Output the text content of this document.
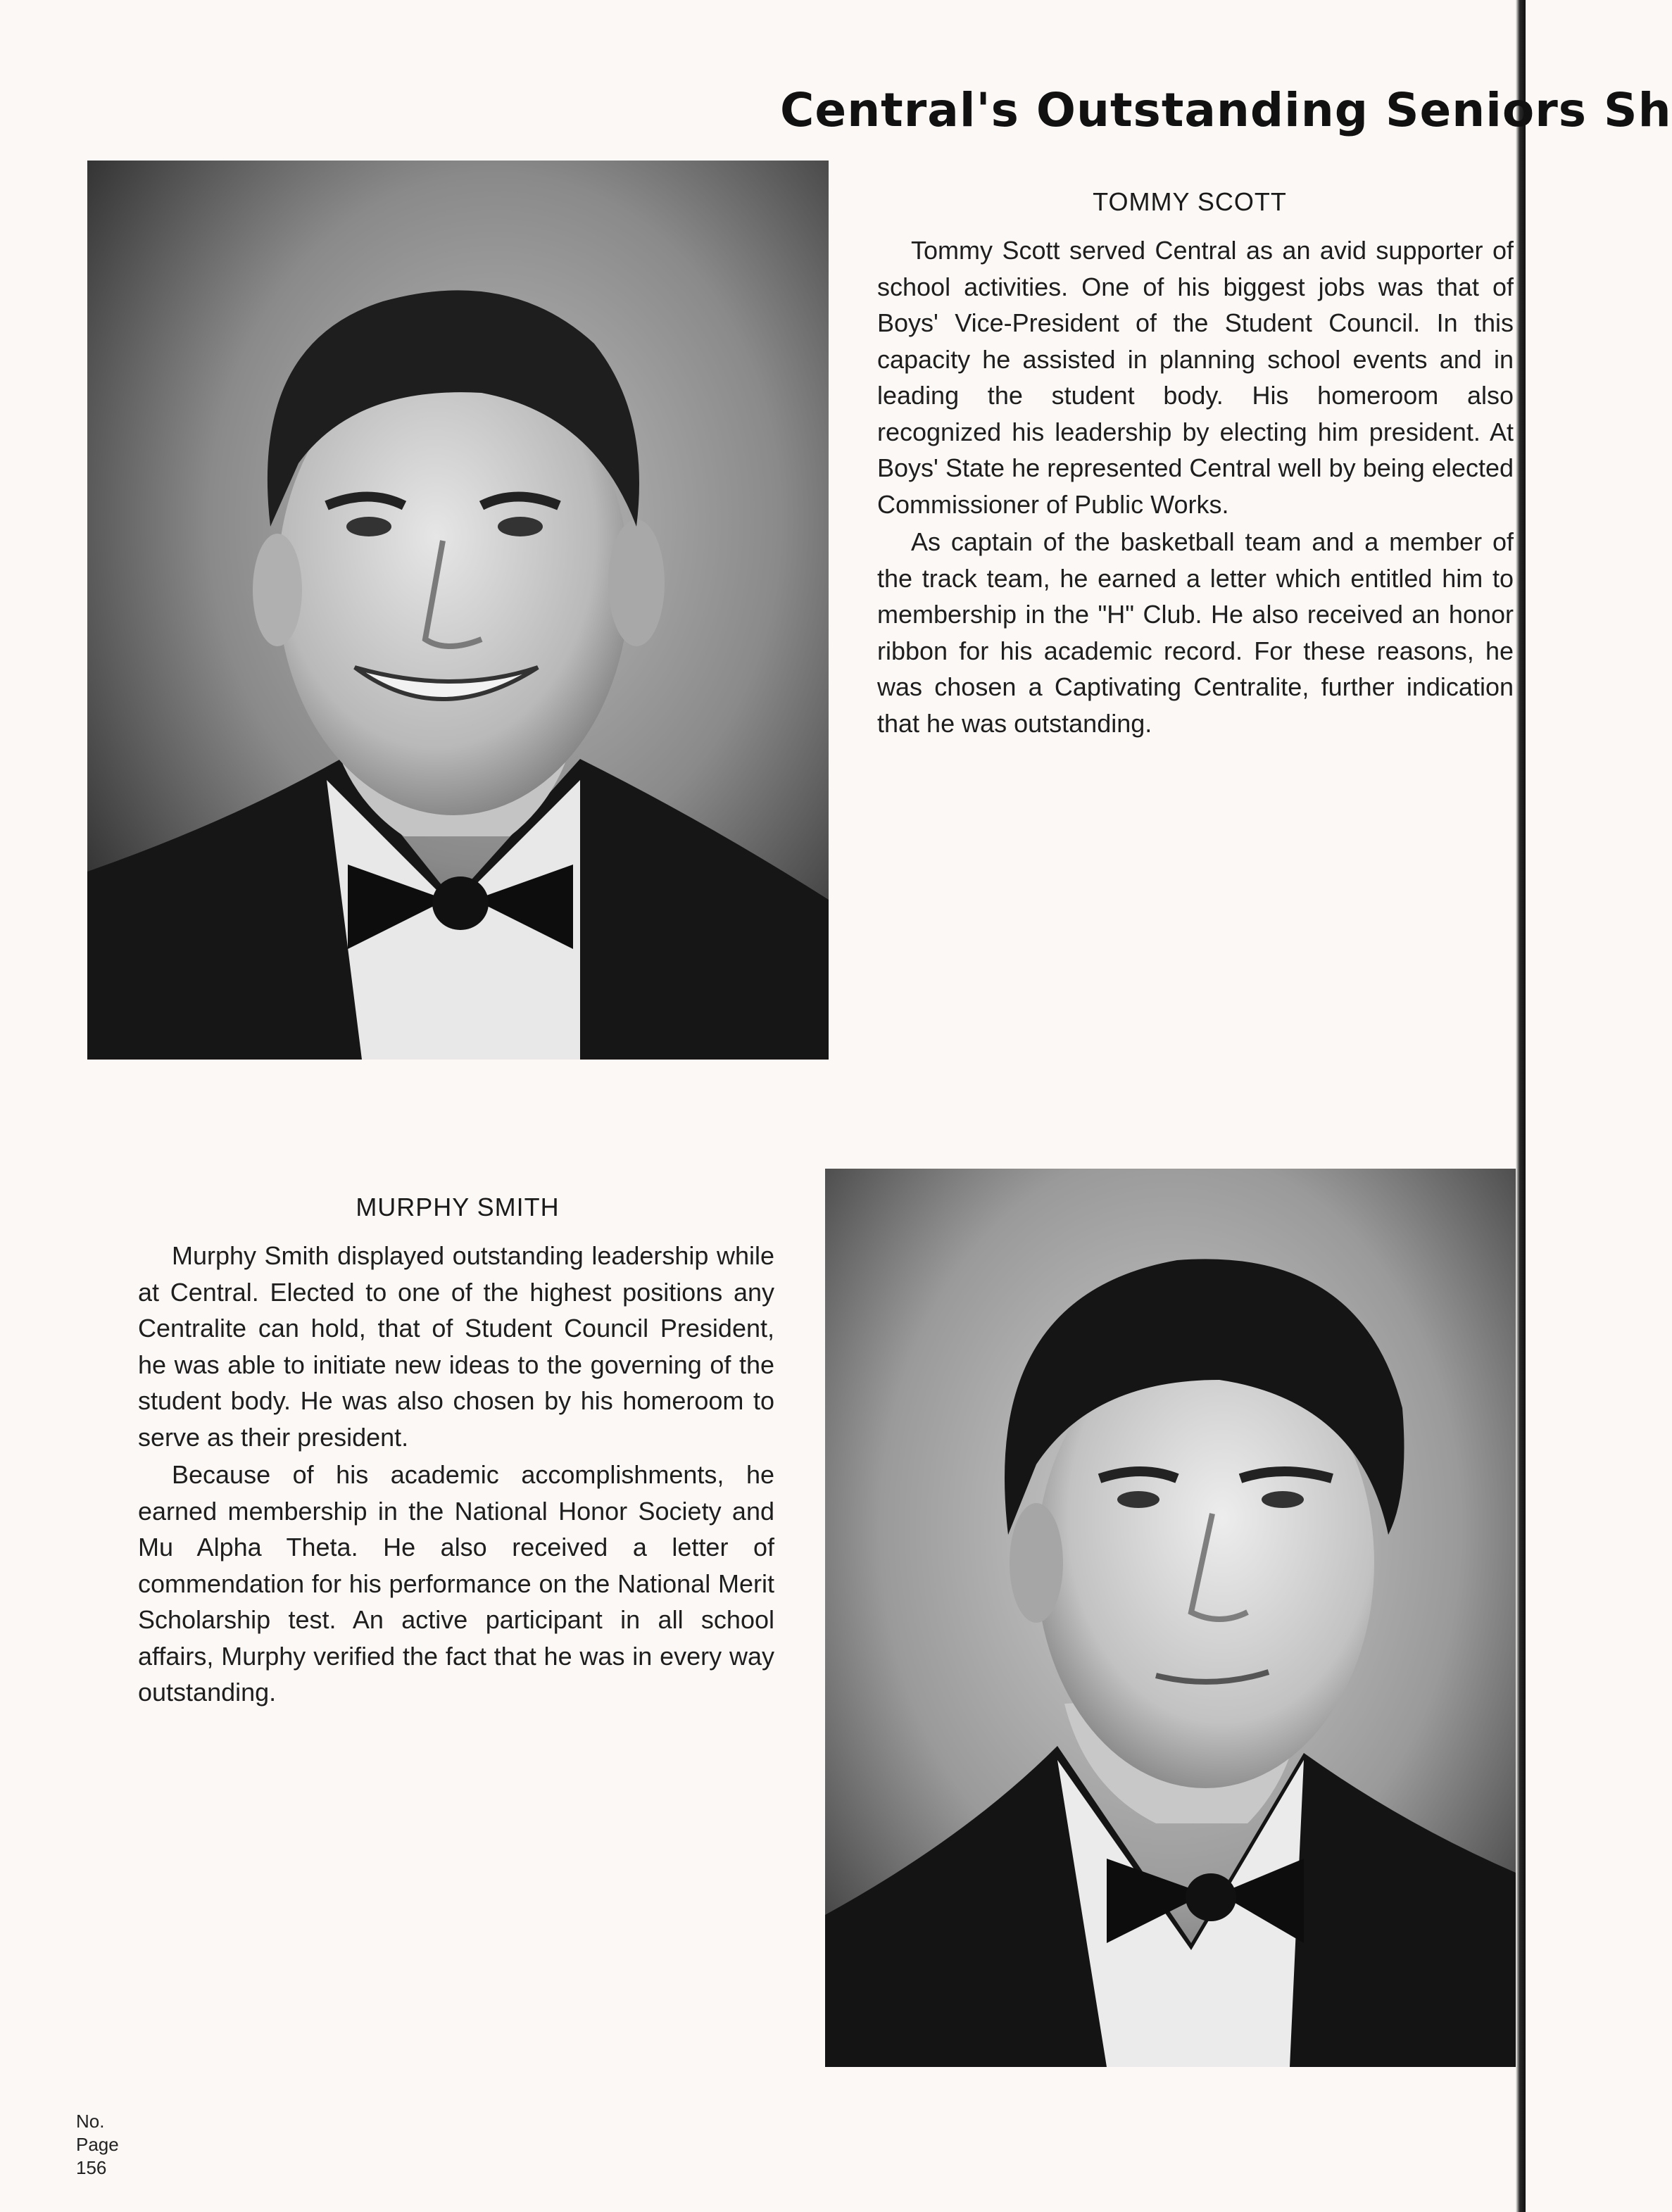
Central's Outstanding Seniors Sh
TOMMY SCOTT

Tommy Scott served Central as an avid supporter of school activities. One of his biggest jobs was that of Boys' Vice-President of the Student Council. In this capacity he assisted in planning school events and in leading the student body. His homeroom also recognized his leadership by electing him president. At Boys' State he represented Central well by being elected Commissioner of Public Works.

As captain of the basketball team and a member of the track team, he earned a letter which entitled him to membership in the "H" Club. He also received an honor ribbon for his academic record. For these reasons, he was chosen a Captivating Centralite, further indication that he was outstanding.

MURPHY SMITH

Murphy Smith displayed outstanding leadership while at Central. Elected to one of the highest positions any Centralite can hold, that of Student Council President, he was able to initiate new ideas to the governing of the student body. He was also chosen by his homeroom to serve as their president.

Because of his academic accomplishments, he earned membership in the National Honor Society and Mu Alpha Theta. He also received a letter of commendation for his performance on the National Merit Scholarship test. An active participant in all school affairs, Murphy verified the fact that he was in every way outstanding.

No.
Page
156
